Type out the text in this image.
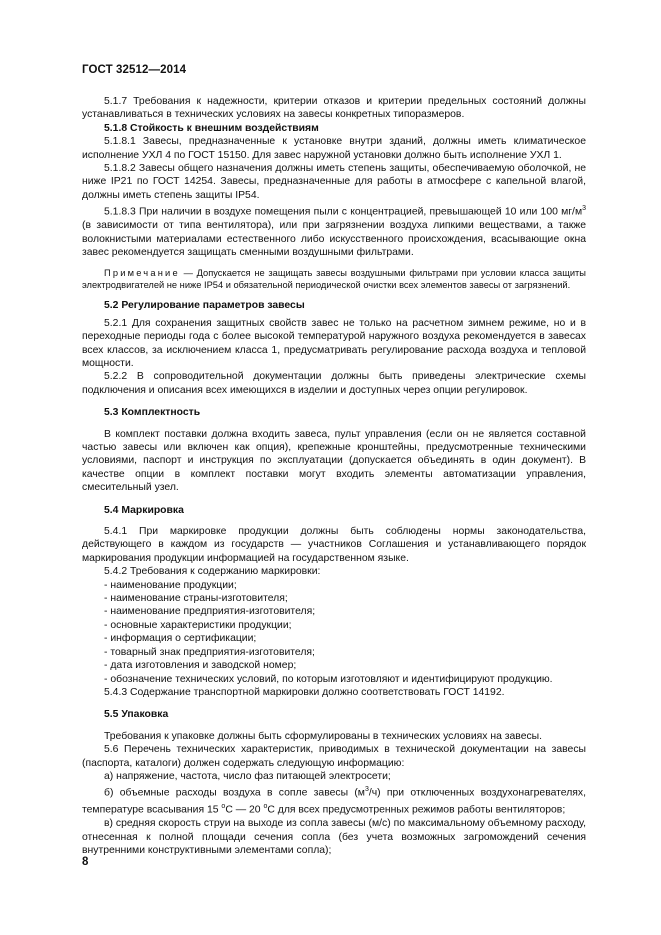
ГОСТ 32512—2014

5.1.7 Требования к надежности, критерии отказов и критерии предельных состояний должны устанавливаться в технических условиях на завесы конкретных типоразмеров.

5.1.8 Стойкость к внешним воздействиям

5.1.8.1 Завесы, предназначенные к установке внутри зданий, должны иметь климатическое исполнение УХЛ 4 по ГОСТ 15150. Для завес наружной установки должно быть исполнение УХЛ 1.

5.1.8.2 Завесы общего назначения должны иметь степень защиты, обеспечиваемую оболочкой, не ниже IP21 по ГОСТ 14254. Завесы, предназначенные для работы в атмосфере с капельной влагой, должны иметь степень защиты IP54.

5.1.8.3 При наличии в воздухе помещения пыли с концентрацией, превышающей 10 или 100 $мг/м^3$ (в зависимости от типа вентилятора), или при загрязнении воздуха липкими веществами, а также волокнистыми материалами естественного либо искусственного происхождения, всасывающие окна завес рекомендуется защищать сменными воздушными фильтрами.

Примечание — Допускается не защищать завесы воздушными фильтрами при условии класса защиты электродвигателей не ниже IP54 и обязательной периодической очистки всех элементов завесы от загрязнений.

5.2 Регулирование параметров завесы

5.2.1 Для сохранения защитных свойств завес не только на расчетном зимнем режиме, но и в переходные периоды года с более высокой температурой наружного воздуха рекомендуется в завесах всех классов, за исключением класса 1, предусматривать регулирование расхода воздуха и тепловой мощности.

5.2.2 В сопроводительной документации должны быть приведены электрические схемы подключения и описания всех имеющихся в изделии и доступных через опции регулировок.

5.3 Комплектность

В комплект поставки должна входить завеса, пульт управления (если он не является составной частью завесы или включен как опция), крепежные кронштейны, предусмотренные техническими условиями, паспорт и инструкция по эксплуатации (допускается объединять в один документ). В качестве опции в комплект поставки могут входить элементы автоматизации управления, смесительный узел.

5.4 Маркировка

5.4.1 При маркировке продукции должны быть соблюдены нормы законодательства, действующего в каждом из государств — участников Соглашения и устанавливающего порядок маркирования продукции информацией на государственном языке.

5.4.2 Требования к содержанию маркировки:

- наименование продукции;

- наименование страны-изготовителя;

- наименование предприятия-изготовителя;

- основные характеристики продукции;

- информация о сертификации;

- товарный знак предприятия-изготовителя;

- дата изготовления и заводской номер;

- обозначение технических условий, по которым изготовляют и идентифицируют продукцию.

5.4.3 Содержание транспортной маркировки должно соответствовать ГОСТ 14192.

5.5 Упаковка

Требования к упаковке должны быть сформулированы в технических условиях на завесы.

5.6 Перечень технических характеристик, приводимых в технической документации на завесы (паспорта, каталоги) должен содержать следующую информацию:

а) напряжение, частота, число фаз питающей электросети;

б) объемные расходы воздуха в сопле завесы $(м^3/ч)$ при отключенных воздухонагревателях, температуре всасывания 15 $^о$С — 20 $^о$С для всех предусмотренных режимов работы вентиляторов;

в) средняя скорость струи на выходе из сопла завесы (м/с) по максимальному объемному расходу, отнесенная к полной площади сечения сопла (без учета возможных загромождений сечения внутренними конструктивными элементами сопла);

8
